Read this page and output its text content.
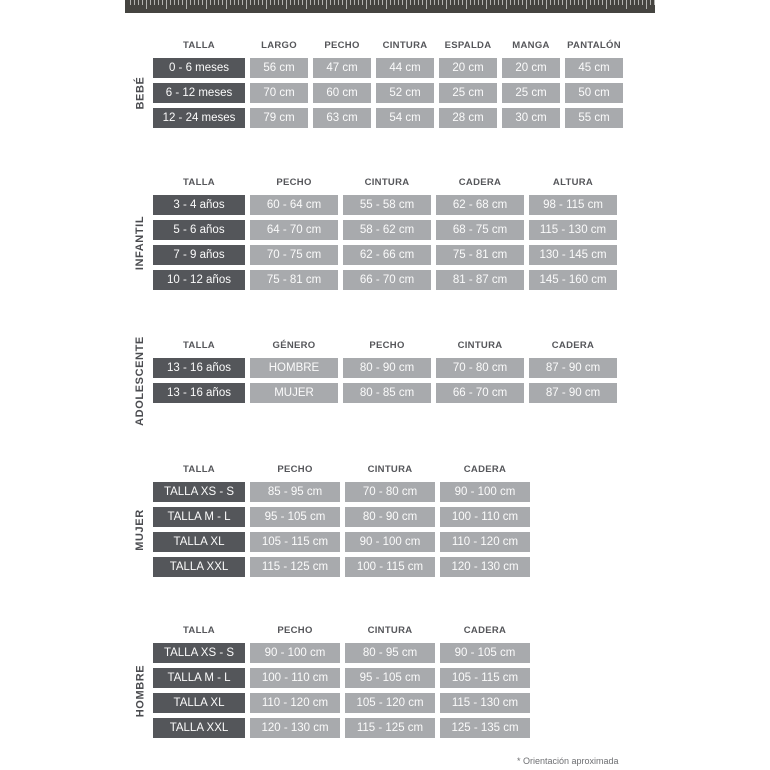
BEBÉ
TALLA	LARGO	PECHO	CINTURA	ESPALDA	MANGA	PANTALÓN
0 - 6 meses	56 cm	47 cm	44 cm	20 cm	20 cm	45 cm
6 - 12 meses	70 cm	60 cm	52 cm	25 cm	25 cm	50 cm
12 - 24 meses	79 cm	63 cm	54 cm	28 cm	30 cm	55 cm
INFANTIL
TALLA	PECHO	CINTURA	CADERA	ALTURA
3 - 4 años	60 - 64 cm	55 - 58 cm	62 - 68 cm	98 - 115 cm
5 - 6 años	64 - 70 cm	58 - 62 cm	68 - 75 cm	115 - 130 cm
7 - 9 años	70 - 75 cm	62 - 66 cm	75 - 81 cm	130 - 145 cm
10 - 12 años	75 - 81 cm	66 - 70 cm	81 - 87 cm	145 - 160 cm
ADOLESCENTE	TALLA	GÉNERO	PECHO	CINTURA	CADERA
13 - 16 años	HOMBRE	80 - 90 cm	70 - 80 cm	87 - 90 cm
13 - 16 años	MUJER	80 - 85 cm	66 - 70 cm	87 - 90 cm
MUJER
TALLA	PECHO	CINTURA	CADERA
TALLA XS - S	85 - 95 cm	70 - 80 cm	90 - 100 cm
TALLA M - L	95 - 105 cm	80 - 90 cm	100 - 110 cm
TALLA XL	105 - 115 cm	90 - 100 cm	110 - 120 cm
TALLA XXL	115 - 125 cm	100 - 115 cm	120 - 130 cm
HOMBRE
TALLA	PECHO	CINTURA	CADERA
TALLA XS - S	90 - 100 cm	80 - 95 cm	90 - 105 cm
TALLA M - L	100 - 110 cm	95 - 105 cm	105 - 115 cm
TALLA XL	110 - 120 cm	105 - 120 cm	115 - 130 cm
TALLA XXL	120 - 130 cm	115 - 125 cm	125 - 135 cm
* Orientación aproximada
